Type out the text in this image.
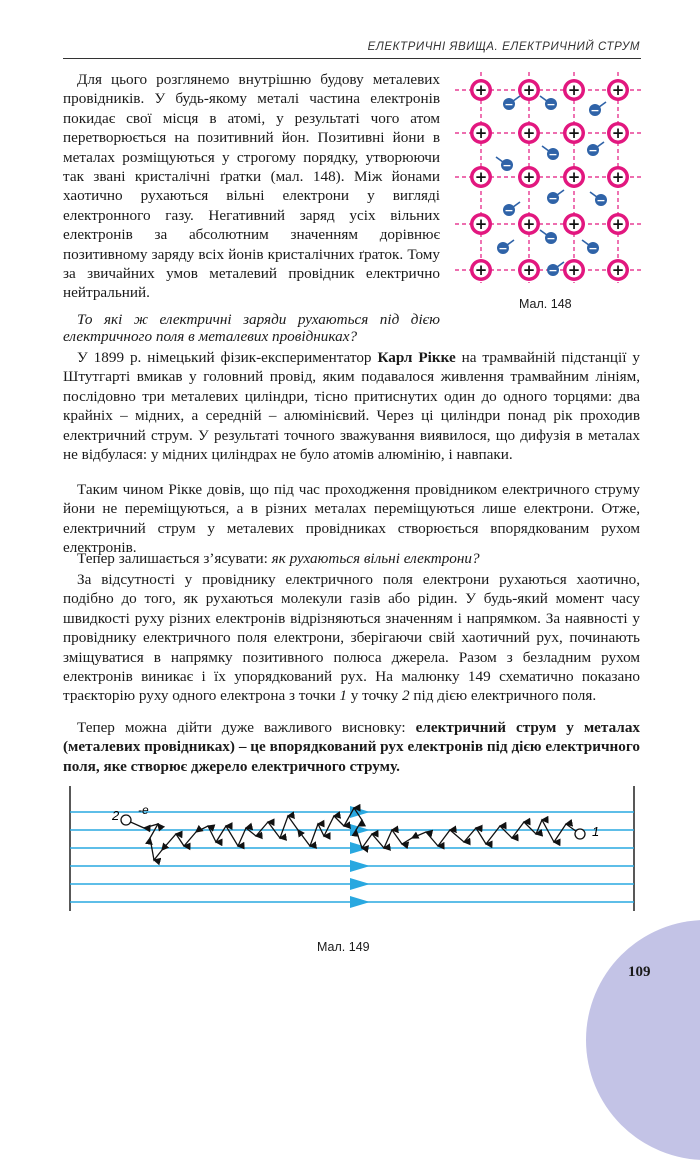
ЕЛЕКТРИЧНІ ЯВИЩА. ЕЛЕКТРИЧНИЙ СТРУМ
Для цього розглянемо внутрішню будову металевих провідників. У будь-якому металі частина електронів покидає свої місця в атомі, у результаті чого атом перетворюється на позитивний йон. Позитивні йони в металах розміщуються у строгому порядку, утворюючи так звані кристалічні ґратки (мал. 148). Між йонами хаотично рухаються вільні електрони у вигляді електронного газу. Негативний заряд усіх вільних електронів за абсолютним значенням дорівнює позитивному заряду всіх йонів кристалічних ґраток. Тому за звичайних умов металевий провідник електрично нейтральний.
То які ж електричні заряди рухаються під дією електричного поля в металевих провідниках?
У 1899 р. німецький фізик-експериментатор Карл Рікке на трамвайній підстанції у Штутгарті вмикав у головний провід, яким подавалося живлення трамвайним лініям, послідовно три металевих циліндри, тісно притиснутих один до одного торцями: два крайніх – мідних, а середній – алюмінієвий. Через ці циліндри понад рік проходив електричний струм. У результаті точного зважування виявилося, що дифузія в металах не відбулася: у мідних циліндрах не було атомів алюмінію, і навпаки.
Таким чином Рікке довів, що під час проходження провідником електричного струму йони не переміщуються, а в різних металах переміщуються лише електрони. Отже, електричний струм у металевих провідниках створюється впорядкованим рухом електронів.
Тепер залишається з’ясувати: як рухаються вільні електрони?
За відсутності у провіднику електричного поля електрони рухаються хаотично, подібно до того, як рухаються молекули газів або рідин. У будь-який момент часу швидкості руху різних електронів відрізняються значенням і напрямком. За наявності у провіднику електричного поля електрони, зберігаючи свій хаотичний рух, починають зміщуватися в напрямку позитивного полюса джерела. Разом з безладним рухом електронів виникає і їх упорядкований рух. На малюнку 149 схематично показано траєкторію руху одного електрона з точки 1 у точку 2 під дією електричного поля.
Тепер можна дійти дуже важливого висновку: електричний струм у металах (металевих провідниках) – це впорядкований рух електронів під дією електричного поля, яке створює джерело електричного струму.
+ + + +
+ + + +
+ + + +
+ + + +
+ + + +
−	−	−
−	−
−
−	−
−
−
−	−
−
Мал. 148
1
2 -e
Мал. 149
109
